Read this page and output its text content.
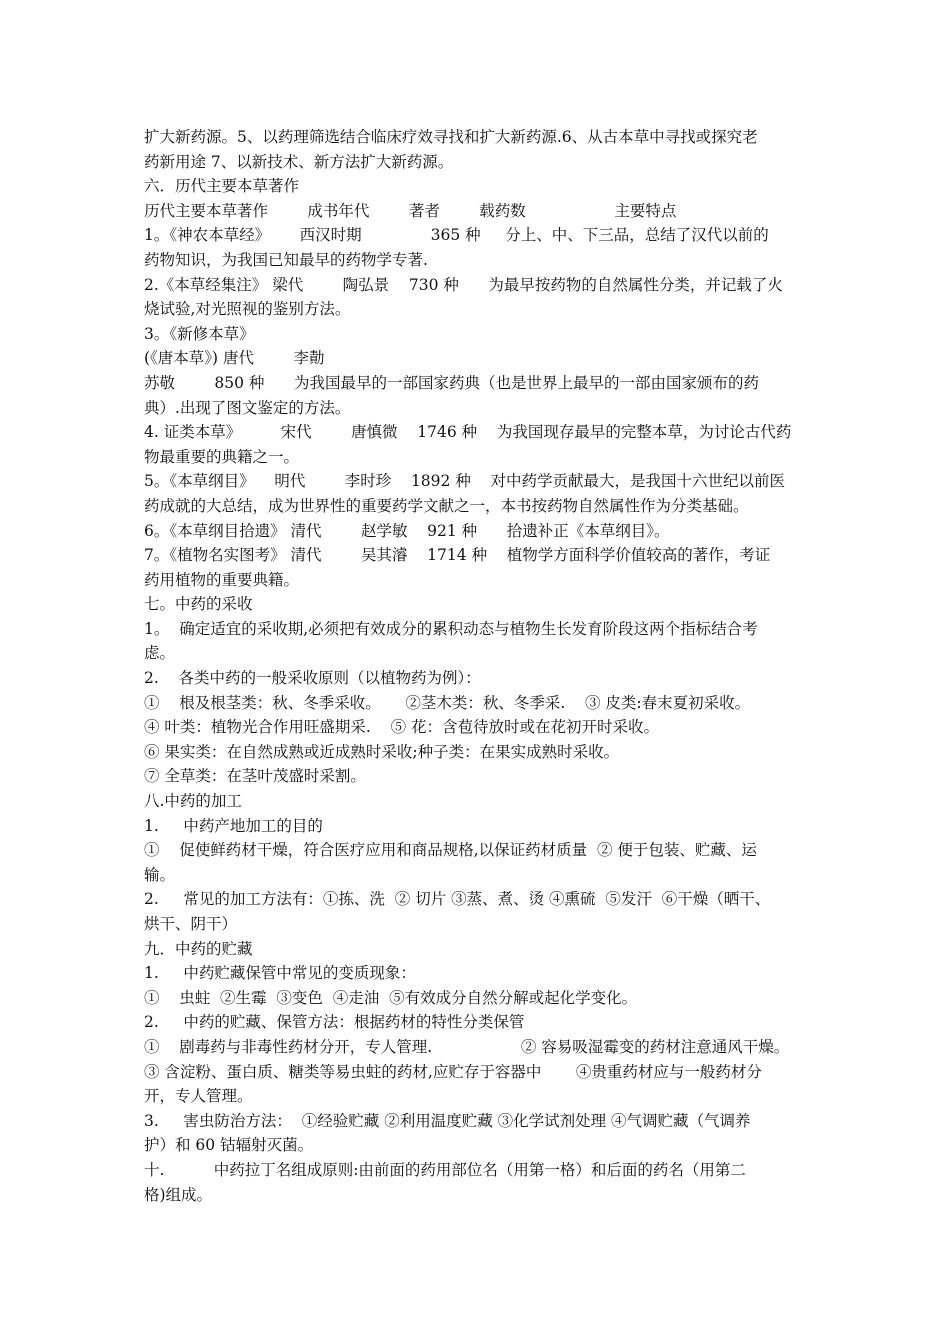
扩大新药源。5、以药理筛选结合临床疗效寻找和扩大新药源.6、从古本草中寻找或探究老
药新用途 7、以新技术、新方法扩大新药源。
六．历代主要本草著作
历代主要本草著作        成书年代        著者        载药数                  主要特点
1。《神农本草经》      西汉时期              365 种     分上、中、下三品，总结了汉代以前的
药物知识，为我国已知最早的药物学专著.
2.《本草经集注》 梁代        陶弘景    730 种      为最早按药物的自然属性分类，并记载了火
烧试验,对光照视的鉴别方法。
3。《新修本草》
(《唐本草》) 唐代        李勣
苏敬        850 种      为我国最早的一部国家药典（也是世界上最早的一部由国家颁布的药
典）.出现了图文鉴定的方法。
4. 证类本草》        宋代        唐慎微    1746 种    为我国现存最早的完整本草，为讨论古代药
物最重要的典籍之一。
5。《本草纲目》    明代        李时珍    1892 种    对中药学贡献最大，是我国十六世纪以前医
药成就的大总结，成为世界性的重要药学文献之一，本书按药物自然属性作为分类基础。
6。《本草纲目拾遗》 清代        赵学敏    921 种      拾遗补正《本草纲目》。
7。《植物名实图考》 清代        吴其濬    1714 种    植物学方面科学价值较高的著作，考证
药用植物的重要典籍。
七。中药的采收
1。  确定适宜的采收期,必须把有效成分的累积动态与植物生长发育阶段这两个指标结合考
虑。
2.    各类中药的一般采收原则（以植物药为例）：
①    根及根茎类：秋、冬季采收。     ②茎木类：秋、冬季采.    ③ 皮类:春末夏初采收。
④ 叶类：植物光合作用旺盛期采.    ⑤ 花：含苞待放时或在花初开时采收。
⑥ 果实类：在自然成熟或近成熟时采收;种子类：在果实成熟时采收。
⑦ 全草类：在茎叶茂盛时采割。
八.中药的加工
1.     中药产地加工的目的
①    促使鲜药材干燥，符合医疗应用和商品规格,以保证药材质量  ② 便于包装、贮藏、运
输。
2.     常见的加工方法有：①拣、洗  ② 切片 ③蒸、煮、烫 ④熏硫  ⑤发汗  ⑥干燥（晒干、
烘干、阴干）
九．中药的贮藏
1.     中药贮藏保管中常见的变质现象：
①    虫蛀  ②生霉  ③变色  ④走油  ⑤有效成分自然分解或起化学变化。
2.     中药的贮藏、保管方法：根据药材的特性分类保管
①    剧毒药与非毒性药材分开，专人管理.                  ② 容易吸湿霉变的药材注意通风干燥。
③ 含淀粉、蛋白质、糖类等易虫蛀的药材,应贮存于容器中       ④贵重药材应与一般药材分
开，专人管理。
3.     害虫防治方法：  ①经验贮藏 ②利用温度贮藏 ③化学试剂处理 ④气调贮藏（气调养
护）和 60 钴辐射灭菌。
十.          中药拉丁名组成原则:由前面的药用部位名（用第一格）和后面的药名（用第二
格)组成。
